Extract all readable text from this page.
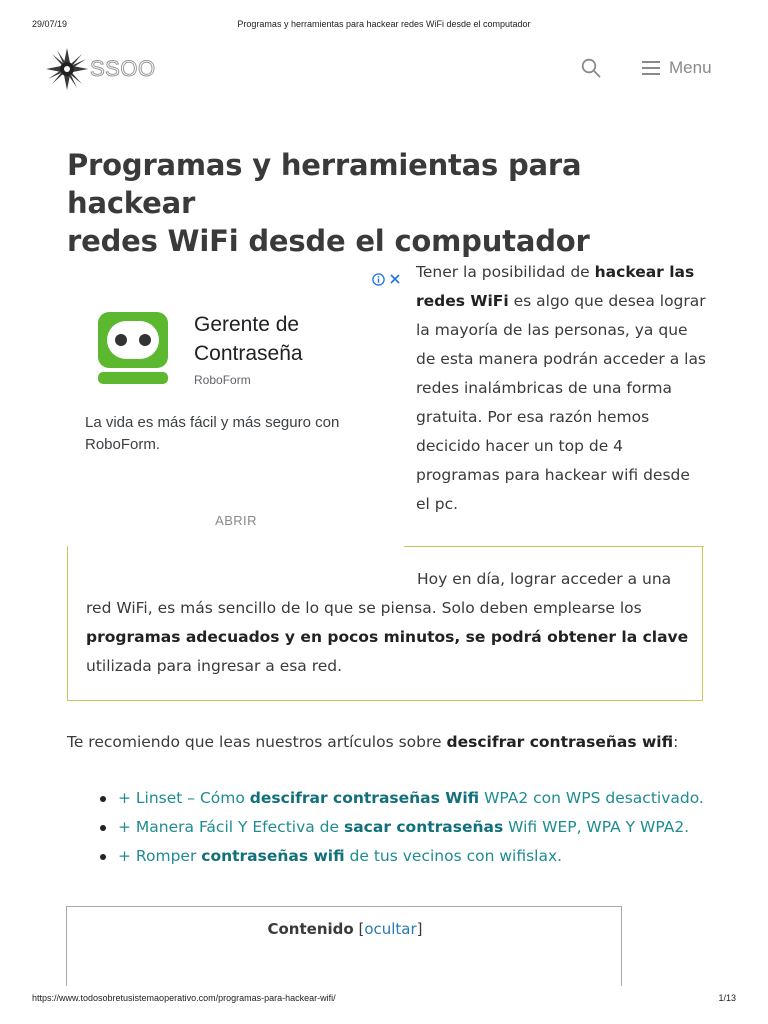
29/07/19	Programas y herramientas para hackear redes WiFi desde el computador
SSOO	Menu
Programas y herramientas para hackear
redes WiFi desde el computador
Gerente de Contraseña
RoboForm
La vida es más fácil y más seguro con RoboForm.
ABRIR

Tener la posibilidad de hackear las redes WiFi es algo que desea lograr la mayoría de las personas, ya que de esta manera podrán acceder a las redes inalámbricas de una forma gratuita. Por esa razón hemos decicido hacer un top de 4 programas para hackear wifi desde el pc.

Hoy en día, lograr acceder a una red WiFi, es más sencillo de lo que se piensa. Solo deben emplearse los programas adecuados y en pocos minutos, se podrá obtener la clave utilizada para ingresar a esa red.

Te recomiendo que leas nuestros artículos sobre descifrar contraseñas wifi:

+ Linset – Cómo descifrar contraseñas Wifi WPA2 con WPS desactivado.
+ Manera Fácil Y Efectiva de sacar contraseñas Wifi WEP, WPA Y WPA2.
+ Romper contraseñas wifi de tus vecinos con wifislax.
Contenido [ocultar]
https://www.todosobretusistemaoperativo.com/programas-para-hackear-wifi/	1/13
